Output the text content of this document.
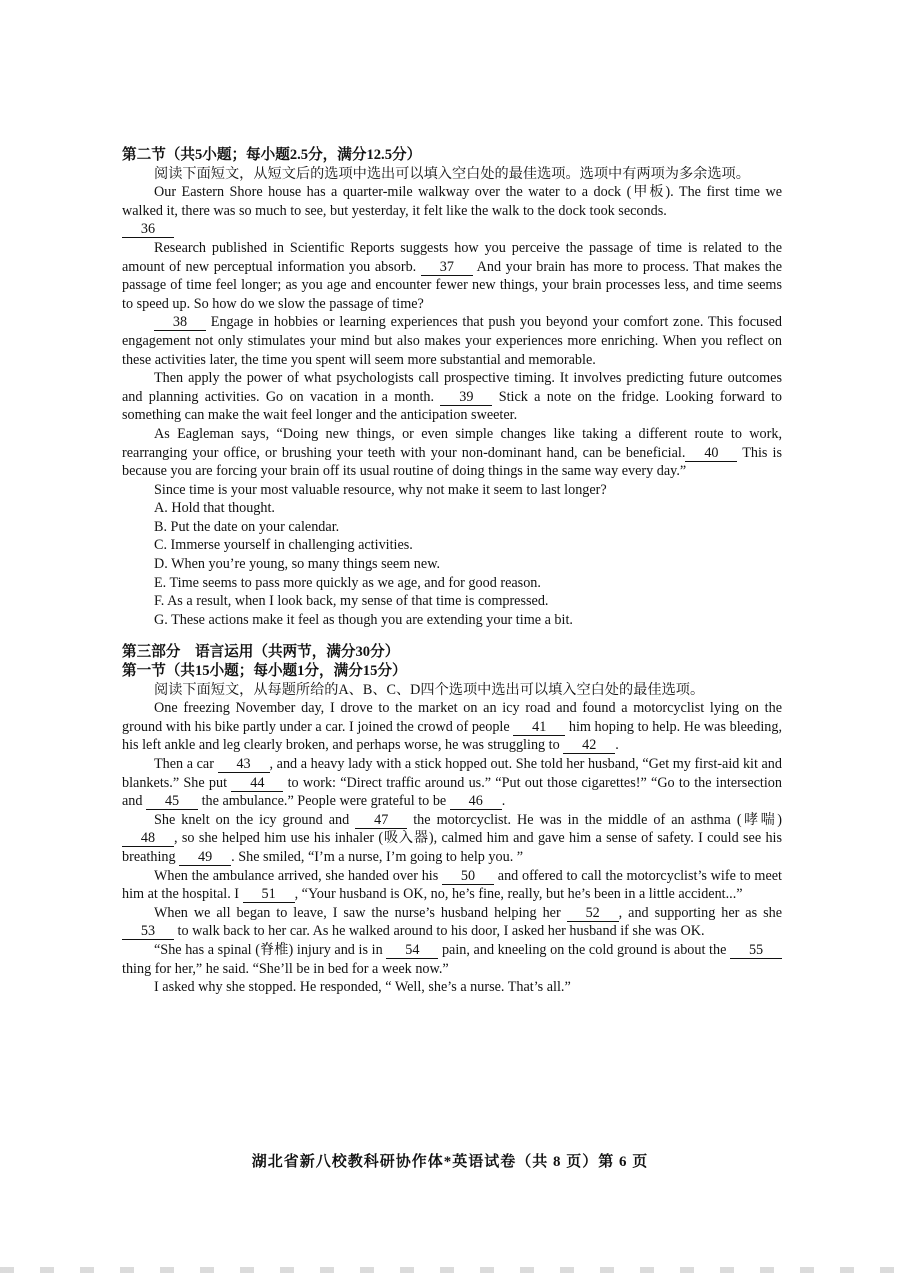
第二节（共5小题；每小题2.5分，满分12.5分）

阅读下面短文，从短文后的选项中选出可以填入空白处的最佳选项。选项中有两项为多余选项。

Our Eastern Shore house has a quarter-mile walkway over the water to a dock (甲板). The first time we walked it, there was so much to see, but yesterday, it felt like the walk to the dock took seconds.
36

Research published in Scientific Reports suggests how you perceive the passage of time is related to the amount of new perceptual information you absorb. 37 And your brain has more to process. That makes the passage of time feel longer; as you age and encounter fewer new things, your brain processes less, and time seems to speed up. So how do we slow the passage of time?

38 Engage in hobbies or learning experiences that push you beyond your comfort zone. This focused engagement not only stimulates your mind but also makes your experiences more enriching. When you reflect on these activities later, the time you spent will seem more substantial and memorable.

Then apply the power of what psychologists call prospective timing. It involves predicting future outcomes and planning activities. Go on vacation in a month. 39 Stick a note on the fridge. Looking forward to something can make the wait feel longer and the anticipation sweeter.

As Eagleman says, “Doing new things, or even simple changes like taking a different route to work, rearranging your office, or brushing your teeth with your non-dominant hand, can be beneficial. 40 This is because you are forcing your brain off its usual routine of doing things in the same way every day.”

Since time is your most valuable resource, why not make it seem to last longer?

A. Hold that thought.
B. Put the date on your calendar.
C. Immerse yourself in challenging activities.
D. When you’re young, so many things seem new.
E. Time seems to pass more quickly as we age, and for good reason.
F. As a result, when I look back, my sense of that time is compressed.
G. These actions make it feel as though you are extending your time a bit.
第三部分　语言运用（共两节，满分30分）
第一节（共15小题；每小题1分，满分15分）

阅读下面短文，从每题所给的A、B、C、D四个选项中选出可以填入空白处的最佳选项。

One freezing November day, I drove to the market on an icy road and found a motorcyclist lying on the ground with his bike partly under a car. I joined the crowd of people 41 him hoping to help. He was bleeding, his left ankle and leg clearly broken, and perhaps worse, he was struggling to 42 .

Then a car 43 , and a heavy lady with a stick hopped out. She told her husband, “Get my first-aid kit and blankets.” She put 44 to work: “Direct traffic around us.” “Put out those cigarettes!” “Go to the intersection and 45 the ambulance.” People were grateful to be 46 .

She knelt on the icy ground and 47 the motorcyclist. He was in the middle of an asthma (哮喘) 48 , so she helped him use his inhaler (吸入器), calmed him and gave him a sense of safety. I could see his breathing 49 . She smiled, “I’m a nurse, I’m going to help you. ”

When the ambulance arrived, she handed over his 50 and offered to call the motorcyclist’s wife to meet him at the hospital. I 51 , “Your husband is OK, no, he’s fine, really, but he’s been in a little accident...”

When we all began to leave, I saw the nurse’s husband helping her 52 , and supporting her as she 53 to walk back to her car. As he walked around to his door, I asked her husband if she was OK.

“She has a spinal (脊椎) injury and is in 54 pain, and kneeling on the cold ground is about the 55 thing for her,” he said. “She’ll be in bed for a week now.”

I asked why she stopped. He responded, “ Well, she’s a nurse. That’s all.”

湖北省新八校教科研协作体*英语试卷（共 8 页）第 6 页
